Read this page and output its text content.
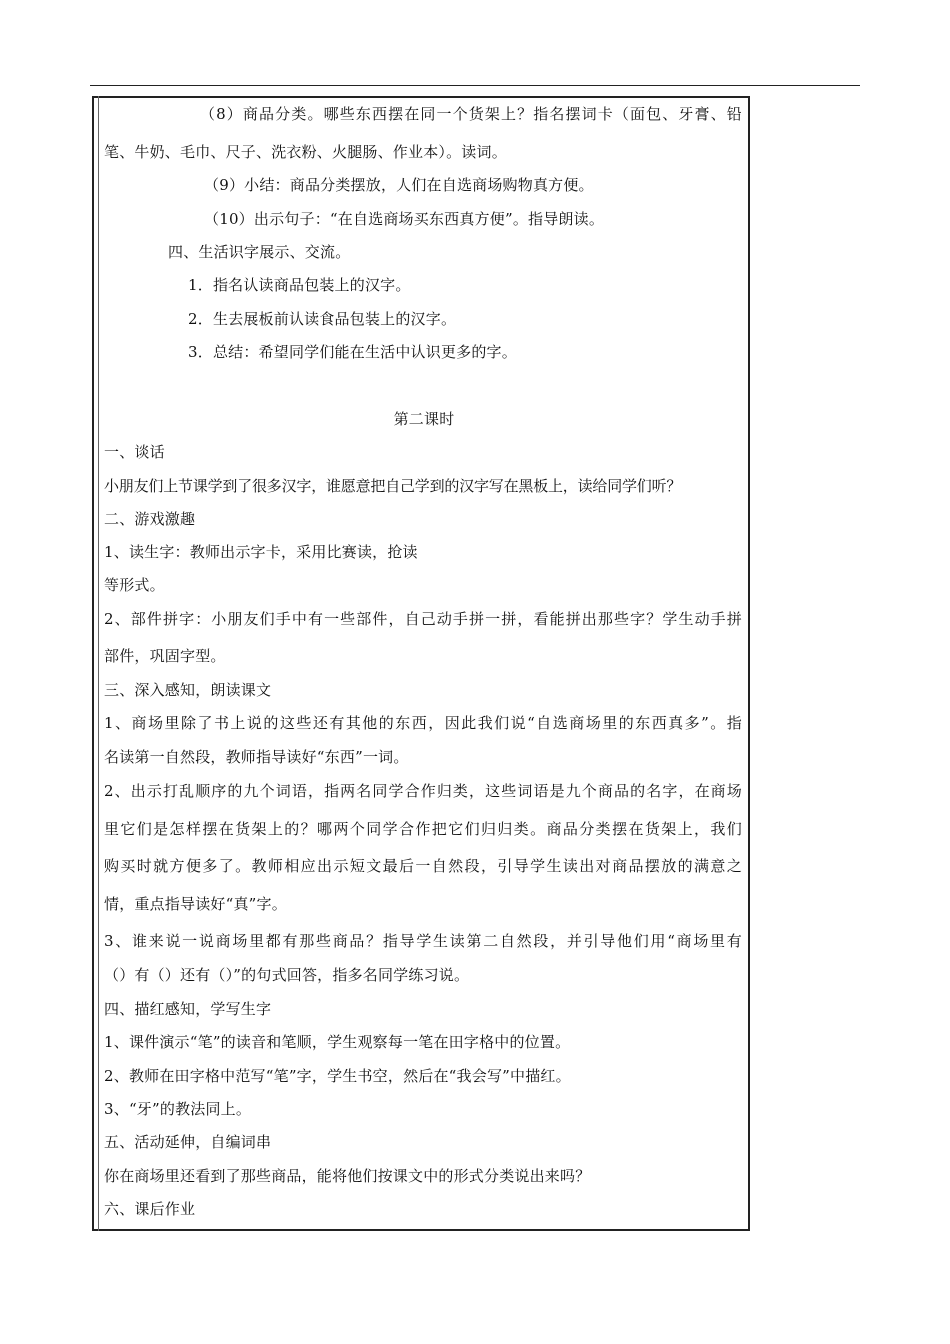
（8）商品分类。哪些东西摆在同一个货架上？指名摆词卡（面包、牙膏、铅
笔、牛奶、毛巾、尺子、洗衣粉、火腿肠、作业本）。读词。
（9）小结：商品分类摆放，人们在自选商场购物真方便。
（10）出示句子：“在自选商场买东西真方便”。指导朗读。
四、生活识字展示、交流。
1．指名认读商品包装上的汉字。
2．生去展板前认读食品包装上的汉字。
3．总结：希望同学们能在生活中认识更多的字。
第二课时
一、谈话
小朋友们上节课学到了很多汉字，谁愿意把自己学到的汉字写在黑板上，读给同学们听？
二、游戏激趣
1、读生字：教师出示字卡，采用比赛读，抢读
等形式。
2、部件拼字：小朋友们手中有一些部件，自己动手拼一拼，看能拼出那些字？学生动手拼
部件，巩固字型。
三、深入感知，朗读课文
1、商场里除了书上说的这些还有其他的东西，因此我们说“自选商场里的东西真多”。指
名读第一自然段，教师指导读好“东西”一词。
2、出示打乱顺序的九个词语，指两名同学合作归类，这些词语是九个商品的名字，在商场
里它们是怎样摆在货架上的？哪两个同学合作把它们归归类。商品分类摆在货架上，我们
购买时就方便多了。教师相应出示短文最后一自然段，引导学生读出对商品摆放的满意之
情，重点指导读好“真”字。
3、谁来说一说商场里都有那些商品？指导学生读第二自然段，并引导他们用“商场里有
（）有（）还有（）”的句式回答，指多名同学练习说。
四、描红感知，学写生字
1、课件演示“笔”的读音和笔顺，学生观察每一笔在田字格中的位置。
2、教师在田字格中范写“笔”字，学生书空，然后在“我会写”中描红。
3、“牙”的教法同上。
五、活动延伸，自编词串
你在商场里还看到了那些商品，能将他们按课文中的形式分类说出来吗？
六、课后作业
